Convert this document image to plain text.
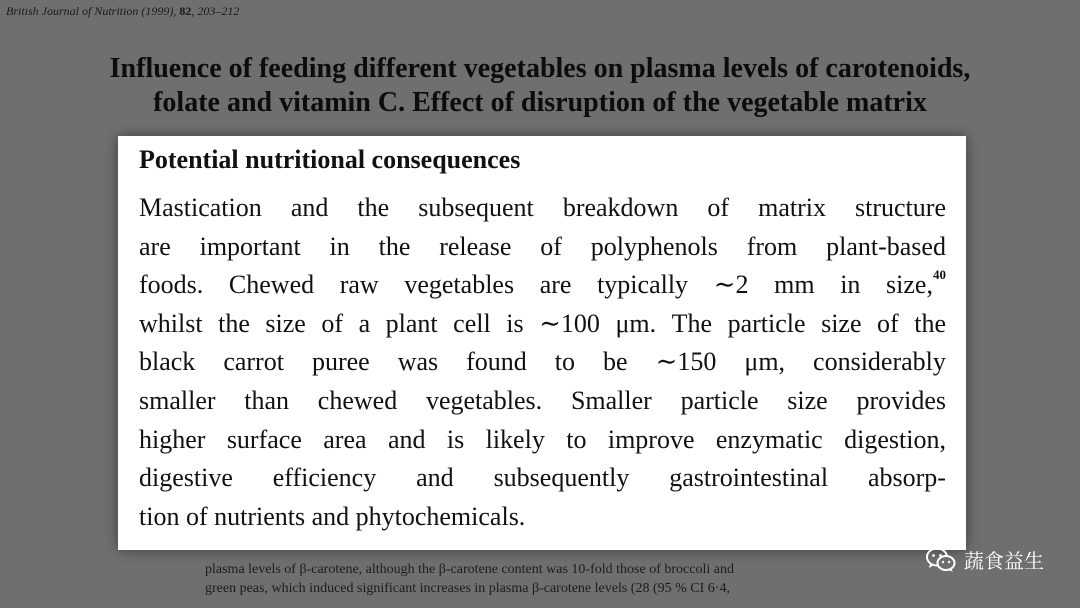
British Journal of Nutrition (1999), 82, 203–212
Influence of feeding different vegetables on plasma levels of carotenoids,
folate and vitamin C. Effect of disruption of the vegetable matrix
plasma levels of β-carotene, although the β-carotene content was 10-fold those of broccoli and
green peas, which induced significant increases in plasma β-carotene levels (28 (95 % CI 6·4,
Potential nutritional consequences
Mastication and the subsequent breakdown of matrix structure
are important in the release of polyphenols from plant-based
foods. Chewed raw vegetables are typically ∼2 mm in size,$^{40}$
whilst the size of a plant cell is ∼100 μm. The particle size of the
black carrot puree was found to be ∼150 μm, considerably
smaller than chewed vegetables. Smaller particle size provides
higher surface area and is likely to improve enzymatic digestion,
digestive efficiency and subsequently gastrointestinal absorp-
tion of nutrients and phytochemicals.
蔬食益生
